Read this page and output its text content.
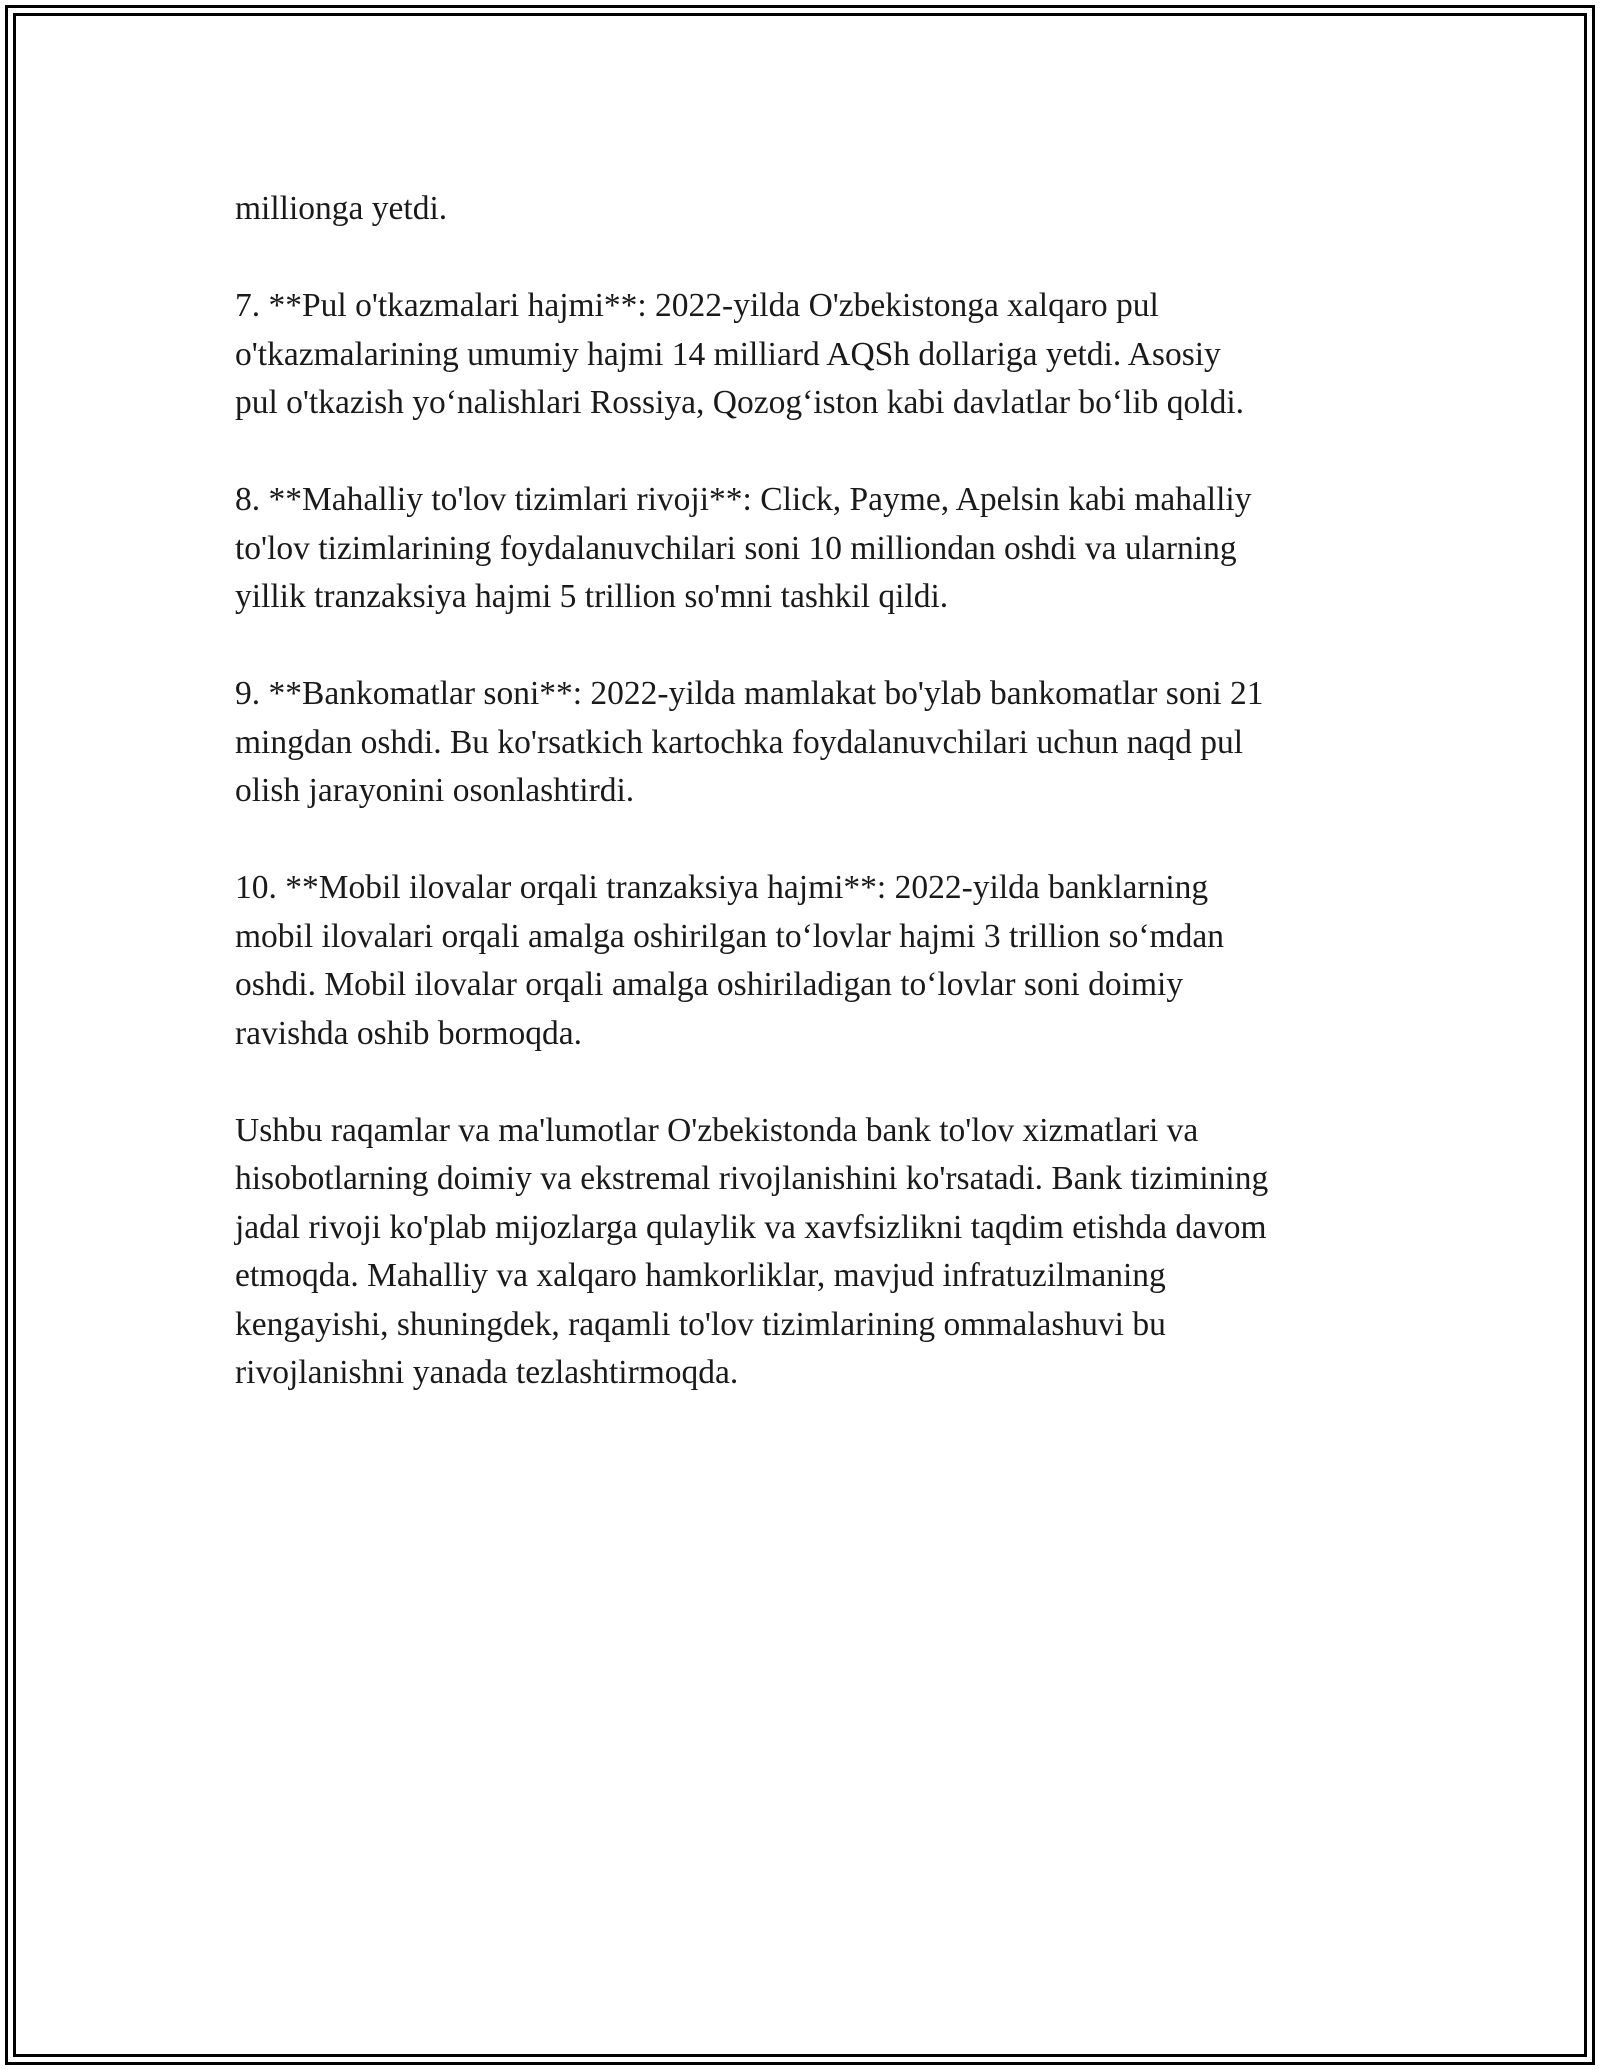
millionga yetdi.

7. **Pul o'tkazmalari hajmi**: 2022-yilda O'zbekistonga xalqaro pul
o'tkazmalarining umumiy hajmi 14 milliard AQSh dollariga yetdi. Asosiy
pul o'tkazish yo‘nalishlari Rossiya, Qozog‘iston kabi davlatlar bo‘lib qoldi.

8. **Mahalliy to'lov tizimlari rivoji**: Click, Payme, Apelsin kabi mahalliy
to'lov tizimlarining foydalanuvchilari soni 10 milliondan oshdi va ularning
yillik tranzaksiya hajmi 5 trillion so'mni tashkil qildi.

9. **Bankomatlar soni**: 2022-yilda mamlakat bo'ylab bankomatlar soni 21
mingdan oshdi. Bu ko'rsatkich kartochka foydalanuvchilari uchun naqd pul
olish jarayonini osonlashtirdi.

10. **Mobil ilovalar orqali tranzaksiya hajmi**: 2022-yilda banklarning
mobil ilovalari orqali amalga oshirilgan to‘lovlar hajmi 3 trillion so‘mdan
oshdi. Mobil ilovalar orqali amalga oshiriladigan to‘lovlar soni doimiy
ravishda oshib bormoqda.

Ushbu raqamlar va ma'lumotlar O'zbekistonda bank to'lov xizmatlari va
hisobotlarning doimiy va ekstremal rivojlanishini ko'rsatadi. Bank tizimining
jadal rivoji ko'plab mijozlarga qulaylik va xavfsizlikni taqdim etishda davom
etmoqda. Mahalliy va xalqaro hamkorliklar, mavjud infratuzilmaning
kengayishi, shuningdek, raqamli to'lov tizimlarining ommalashuvi bu
rivojlanishni yanada tezlashtirmoqda.
